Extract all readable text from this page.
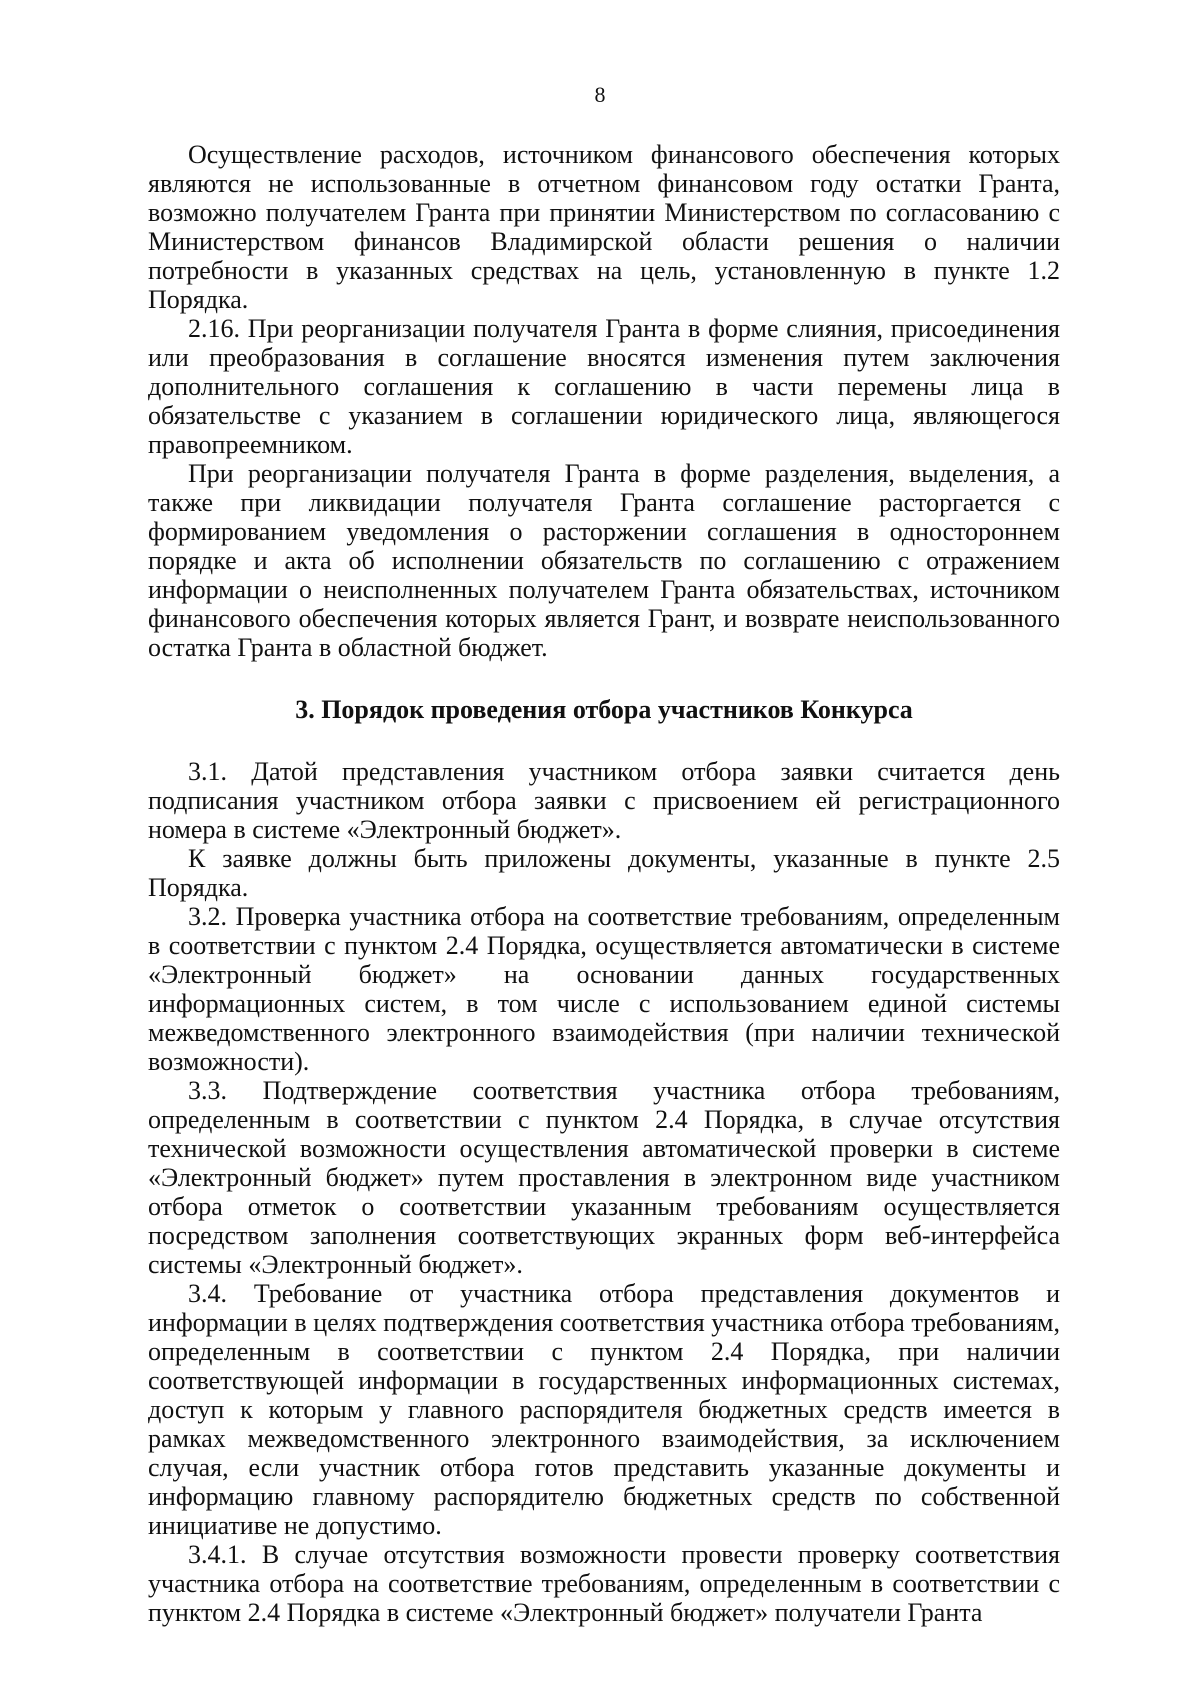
8

Осуществление расходов, источником финансового обеспечения которых являются не использованные в отчетном финансовом году остатки Гранта, возможно получателем Гранта при принятии Министерством по согласованию с Министерством финансов Владимирской области решения о наличии потребности в указанных средствах на цель, установленную в пункте 1.2 Порядка.

2.16. При реорганизации получателя Гранта в форме слияния, присоединения или преобразования в соглашение вносятся изменения путем заключения дополнительного соглашения к соглашению в части перемены лица в обязательстве с указанием в соглашении юридического лица, являющегося правопреемником.

При реорганизации получателя Гранта в форме разделения, выделения, а также при ликвидации получателя Гранта соглашение расторгается с формированием уведомления о расторжении соглашения в одностороннем порядке и акта об исполнении обязательств по соглашению с отражением информации о неисполненных получателем Гранта обязательствах, источником финансового обеспечения которых является Грант, и возврате неиспользованного остатка Гранта в областной бюджет.

3. Порядок проведения отбора участников Конкурса

3.1. Датой представления участником отбора заявки считается день подписания участником отбора заявки с присвоением ей регистрационного номера в системе «Электронный бюджет».

К заявке должны быть приложены документы, указанные в пункте 2.5 Порядка.

3.2. Проверка участника отбора на соответствие требованиям, определенным в соответствии с пунктом 2.4 Порядка, осуществляется автоматически в системе «Электронный бюджет» на основании данных государственных информационных систем, в том числе с использованием единой системы межведомственного электронного взаимодействия (при наличии технической возможности).

3.3. Подтверждение соответствия участника отбора требованиям, определенным в соответствии с пунктом 2.4 Порядка, в случае отсутствия технической возможности осуществления автоматической проверки в системе «Электронный бюджет» путем проставления в электронном виде участником отбора отметок о соответствии указанным требованиям осуществляется посредством заполнения соответствующих экранных форм веб-интерфейса системы «Электронный бюджет».

3.4. Требование от участника отбора представления документов и информации в целях подтверждения соответствия участника отбора требованиям, определенным в соответствии с пунктом 2.4 Порядка, при наличии соответствующей информации в государственных информационных системах, доступ к которым у главного распорядителя бюджетных средств имеется в рамках межведомственного электронного взаимодействия, за исключением случая, если участник отбора готов представить указанные документы и информацию главному распорядителю бюджетных средств по собственной инициативе не допустимо.

3.4.1. В случае отсутствия возможности провести проверку соответствия участника отбора на соответствие требованиям, определенным в соответствии с пунктом 2.4 Порядка в системе «Электронный бюджет» получатели Гранта
